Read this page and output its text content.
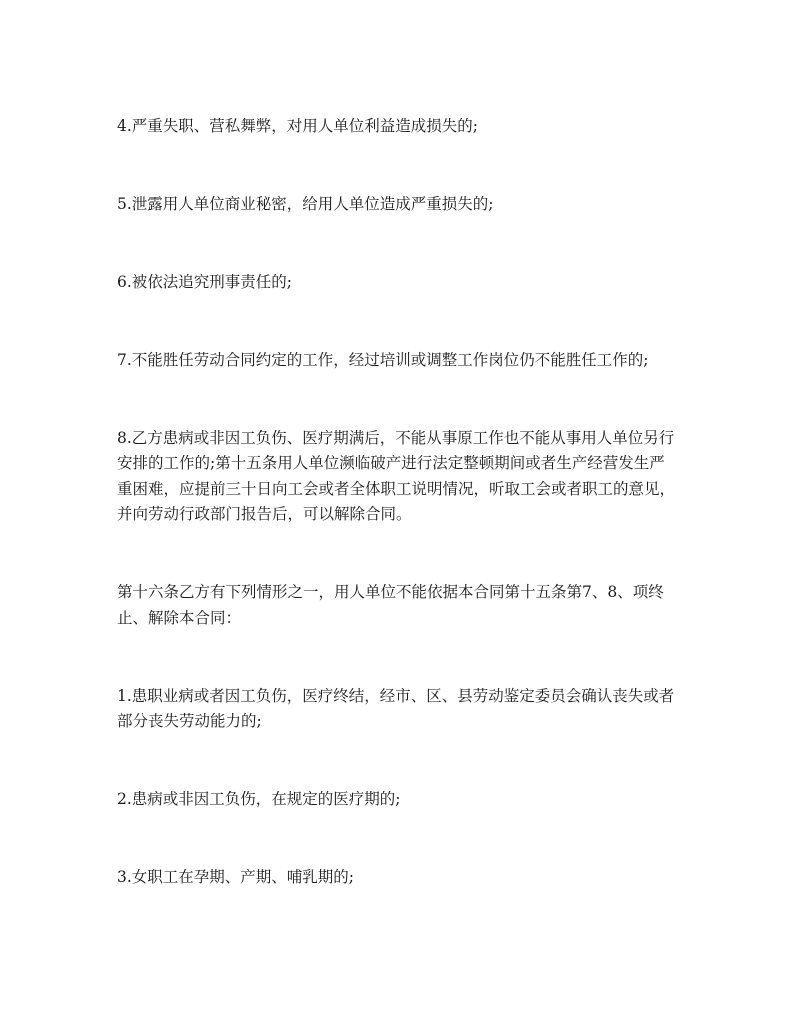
4.严重失职、营私舞弊，对用人单位利益造成损失的;
5.泄露用人单位商业秘密，给用人单位造成严重损失的;
6.被依法追究刑事责任的;
7.不能胜任劳动合同约定的工作，经过培训或调整工作岗位仍不能胜任工作的;
8.乙方患病或非因工负伤、医疗期满后，不能从事原工作也不能从事用人单位另行
安排的工作的;第十五条用人单位濒临破产进行法定整顿期间或者生产经营发生严
重困难，应提前三十日向工会或者全体职工说明情况，听取工会或者职工的意见，
并向劳动行政部门报告后，可以解除合同。
第十六条乙方有下列情形之一，用人单位不能依据本合同第十五条第7、8、项终
止、解除本合同：
1.患职业病或者因工负伤，医疗终结，经市、区、县劳动鉴定委员会确认丧失或者
部分丧失劳动能力的;
2.患病或非因工负伤，在规定的医疗期的;
3.女职工在孕期、产期、哺乳期的;
